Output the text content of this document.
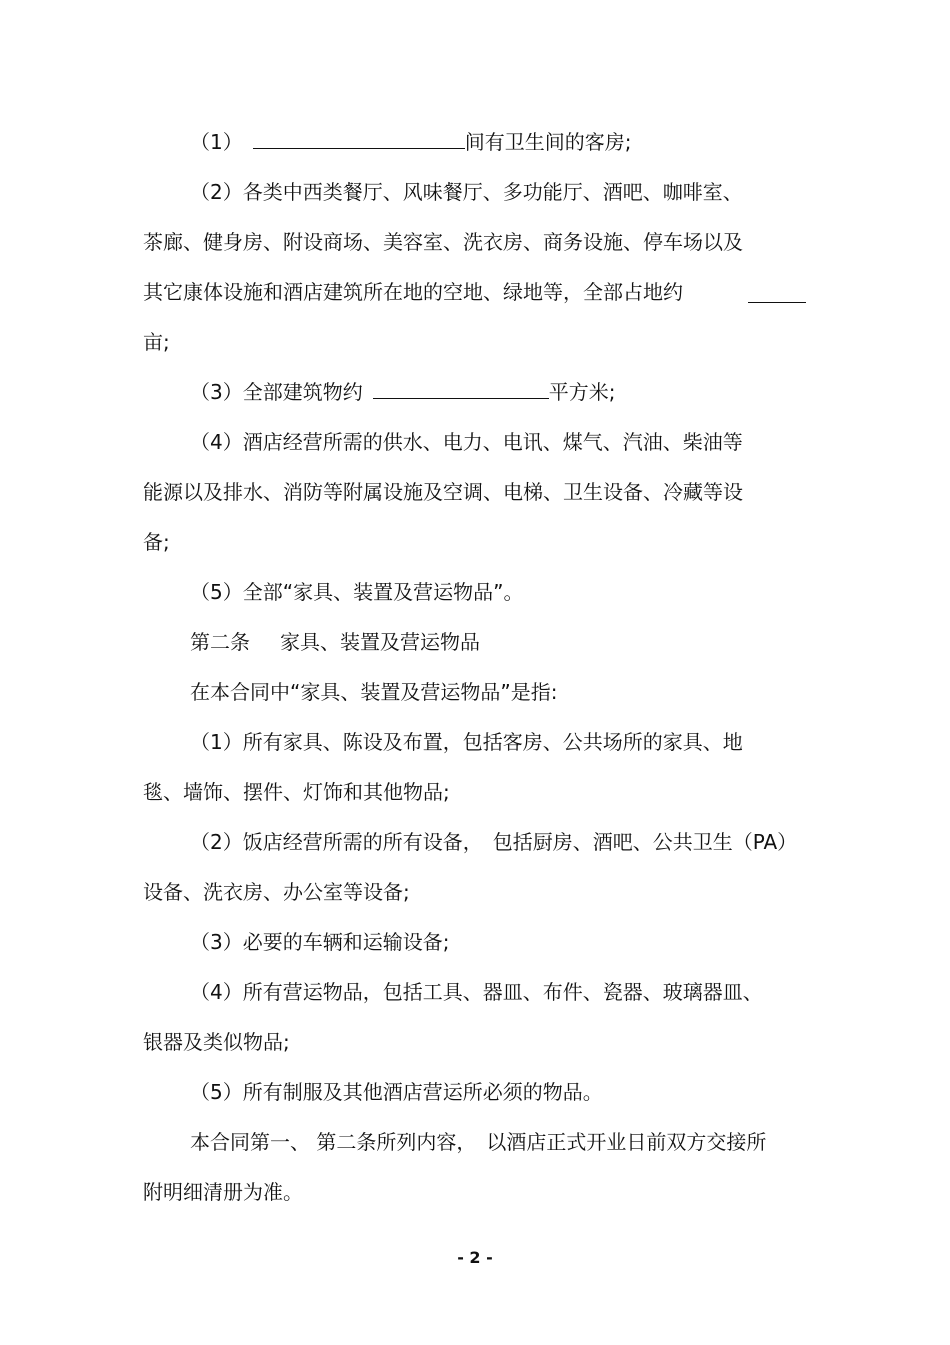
（1）	间有卫生间的客房;
（2）各类中西类餐厅、风味餐厅、多功能厅、酒吧、咖啡室、
茶廊、健身房、附设商场、美容室、洗衣房、商务设施、停车场以及
其它康体设施和酒店建筑所在地的空地、绿地等，全部占地约
亩;
（3）全部建筑物约	平方米;
（4）酒店经营所需的供水、电力、电讯、煤气、汽油、柴油等
能源以及排水、消防等附属设施及空调、电梯、卫生设备、冷藏等设
备;
（5）全部“家具、装置及营运物品”。
第二条 家具、装置及营运物品
在本合同中“家具、装置及营运物品”是指:
（1）所有家具、陈设及布置，包括客房、公共场所的家具、地
毯、墙饰、摆件、灯饰和其他物品;
（2）饭店经营所需的所有设备，　包括厨房、酒吧、公共卫生（PA）
设备、洗衣房、办公室等设备;
（3）必要的车辆和运输设备;
（4）所有营运物品，包括工具、器皿、布件、瓷器、玻璃器皿、
银器及类似物品;
（5）所有制服及其他酒店营运所必须的物品。
本合同第一、 第二条所列内容，　以酒店正式开业日前双方交接所
附明细清册为准。
- 2 -
